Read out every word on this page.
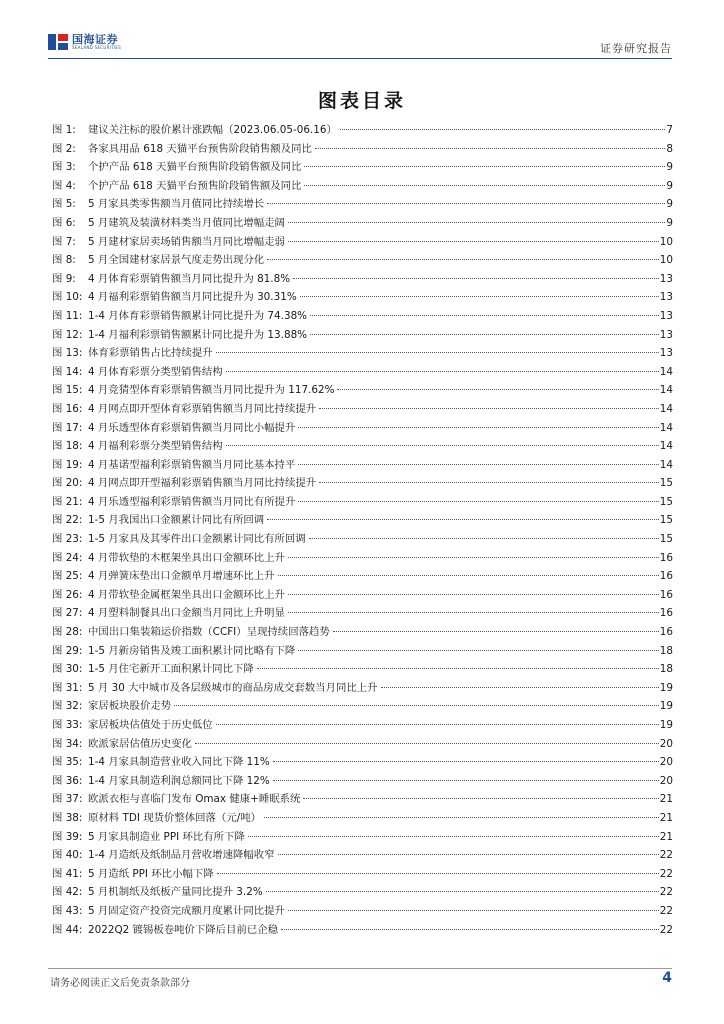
国海证券
SEALAND SECURITIES	证券研究报告
图表目录
图 1:	建议关注标的股价累计涨跌幅（2023.06.05-06.16）	7
图 2:	各家具用品 618 天猫平台预售阶段销售额及同比	8
图 3:	个护产品 618 天猫平台预售阶段销售额及同比	9
图 4:	个护产品 618 天猫平台预售阶段销售额及同比	9
图 5:	5 月家具类零售额当月值同比持续增长	9
图 6:	5 月建筑及装潢材料类当月值同比增幅走阔	9
图 7:	5 月建材家居卖场销售额当月同比增幅走弱	10
图 8:	5 月全国建材家居景气度走势出现分化	10
图 9:	4 月体育彩票销售额当月同比提升为 81.8%	13
图 10: 4 月福利彩票销售额当月同比提升为 30.31%	13
图 11: 1-4 月体育彩票销售额累计同比提升为 74.38%	13
图 12: 1-4 月福利彩票销售额累计同比提升为 13.88%	13
图 13: 体育彩票销售占比持续提升	13
图 14: 4 月体育彩票分类型销售结构	14
图 15: 4 月竞猜型体育彩票销售额当月同比提升为 117.62%	14
图 16: 4 月网点即开型体育彩票销售额当月同比持续提升	14
图 17: 4 月乐透型体育彩票销售额当月同比小幅提升	14
图 18: 4 月福利彩票分类型销售结构	14
图 19: 4 月基诺型福利彩票销售额当月同比基本持平	14
图 20: 4 月网点即开型福利彩票销售额当月同比持续提升	15
图 21: 4 月乐透型福利彩票销售额当月同比有所提升	15
图 22: 1-5 月我国出口金额累计同比有所回调	15
图 23: 1-5 月家具及其零件出口金额累计同比有所回调	15
图 24: 4 月带软垫的木框架坐具出口金额环比上升	16
图 25: 4 月弹簧床垫出口金额单月增速环比上升	16
图 26: 4 月带软垫金属框架坐具出口金额环比上升	16
图 27: 4 月塑料制餐具出口金额当月同比上升明显	16
图 28: 中国出口集装箱运价指数（CCFI）呈现持续回落趋势	16
图 29: 1-5 月新房销售及竣工面积累计同比略有下降	18
图 30: 1-5 月住宅新开工面积累计同比下降	18
图 31: 5 月 30 大中城市及各层级城市的商品房成交套数当月同比上升	19
图 32: 家居板块股价走势	19
图 33: 家居板块估值处于历史低位	19
图 34: 欧派家居估值历史变化	20
图 35: 1-4 月家具制造营业收入同比下降 11%	20
图 36: 1-4 月家具制造利润总额同比下降 12%	20
图 37: 欧派衣柜与喜临门发布 Omax 健康+睡眠系统	21
图 38: 原材料 TDI 现货价整体回落（元/吨）	21
图 39: 5 月家具制造业 PPI 环比有所下降	21
图 40: 1-4 月造纸及纸制品月营收增速降幅收窄	22
图 41: 5 月造纸 PPI 环比小幅下降	22
图 42: 5 月机制纸及纸板产量同比提升 3.2%	22
图 43: 5 月固定资产投资完成额月度累计同比提升	22
图 44: 2022Q2 镀锡板卷吨价下降后目前已企稳	22
请务必阅读正文后免责条款部分	4
